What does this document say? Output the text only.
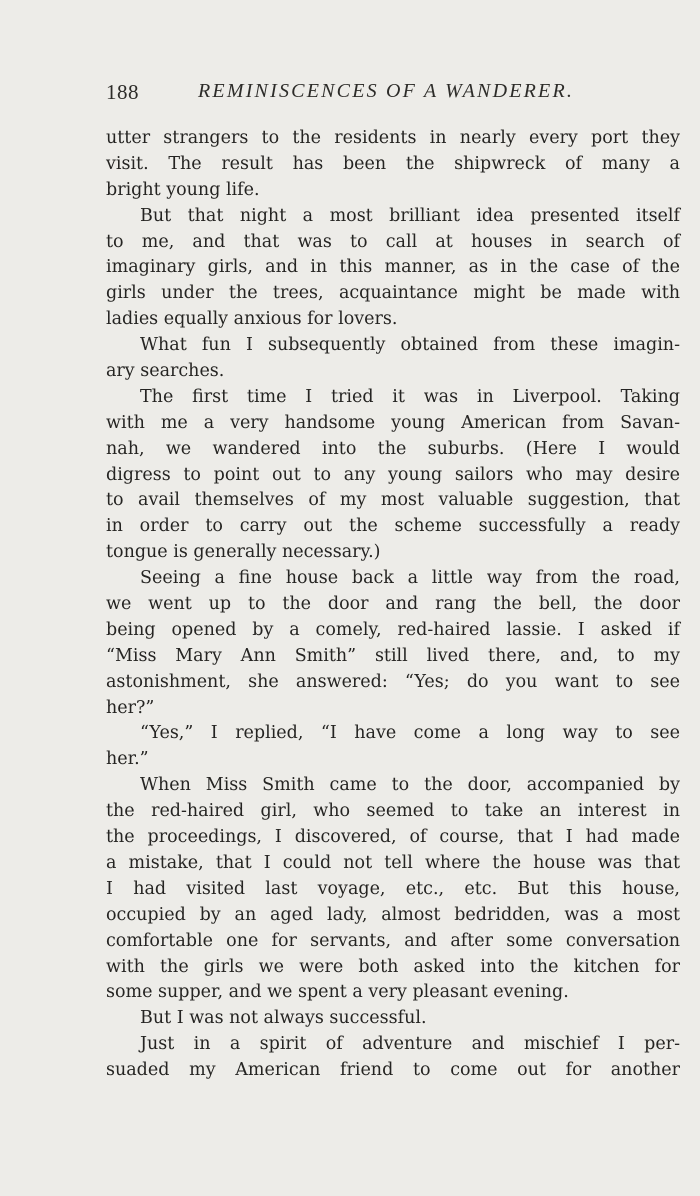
188	REMINISCENCES OF A WANDERER.
utter strangers to the residents in nearly every port they
visit. The result has been the shipwreck of many a
bright young life.
But that night a most brilliant idea presented itself
to me, and that was to call at houses in search of
imaginary girls, and in this manner, as in the case of the
girls under the trees, acquaintance might be made with
ladies equally anxious for lovers.
What fun I subsequently obtained from these imagin-
ary searches.
The first time I tried it was in Liverpool. Taking
with me a very handsome young American from Savan-
nah, we wandered into the suburbs. (Here I would
digress to point out to any young sailors who may desire
to avail themselves of my most valuable suggestion, that
in order to carry out the scheme successfully a ready
tongue is generally necessary.)
Seeing a fine house back a little way from the road,
we went up to the door and rang the bell, the door
being opened by a comely, red-haired lassie. I asked if
“Miss Mary Ann Smith” still lived there, and, to my
astonishment, she answered: “Yes; do you want to see
her?”
“Yes,” I replied, “I have come a long way to see
her.”
When Miss Smith came to the door, accompanied by
the red-haired girl, who seemed to take an interest in
the proceedings, I discovered, of course, that I had made
a mistake, that I could not tell where the house was that
I had visited last voyage, etc., etc. But this house,
occupied by an aged lady, almost bedridden, was a most
comfortable one for servants, and after some conversation
with the girls we were both asked into the kitchen for
some supper, and we spent a very pleasant evening.
But I was not always successful.
Just in a spirit of adventure and mischief I per-
suaded my American friend to come out for another
